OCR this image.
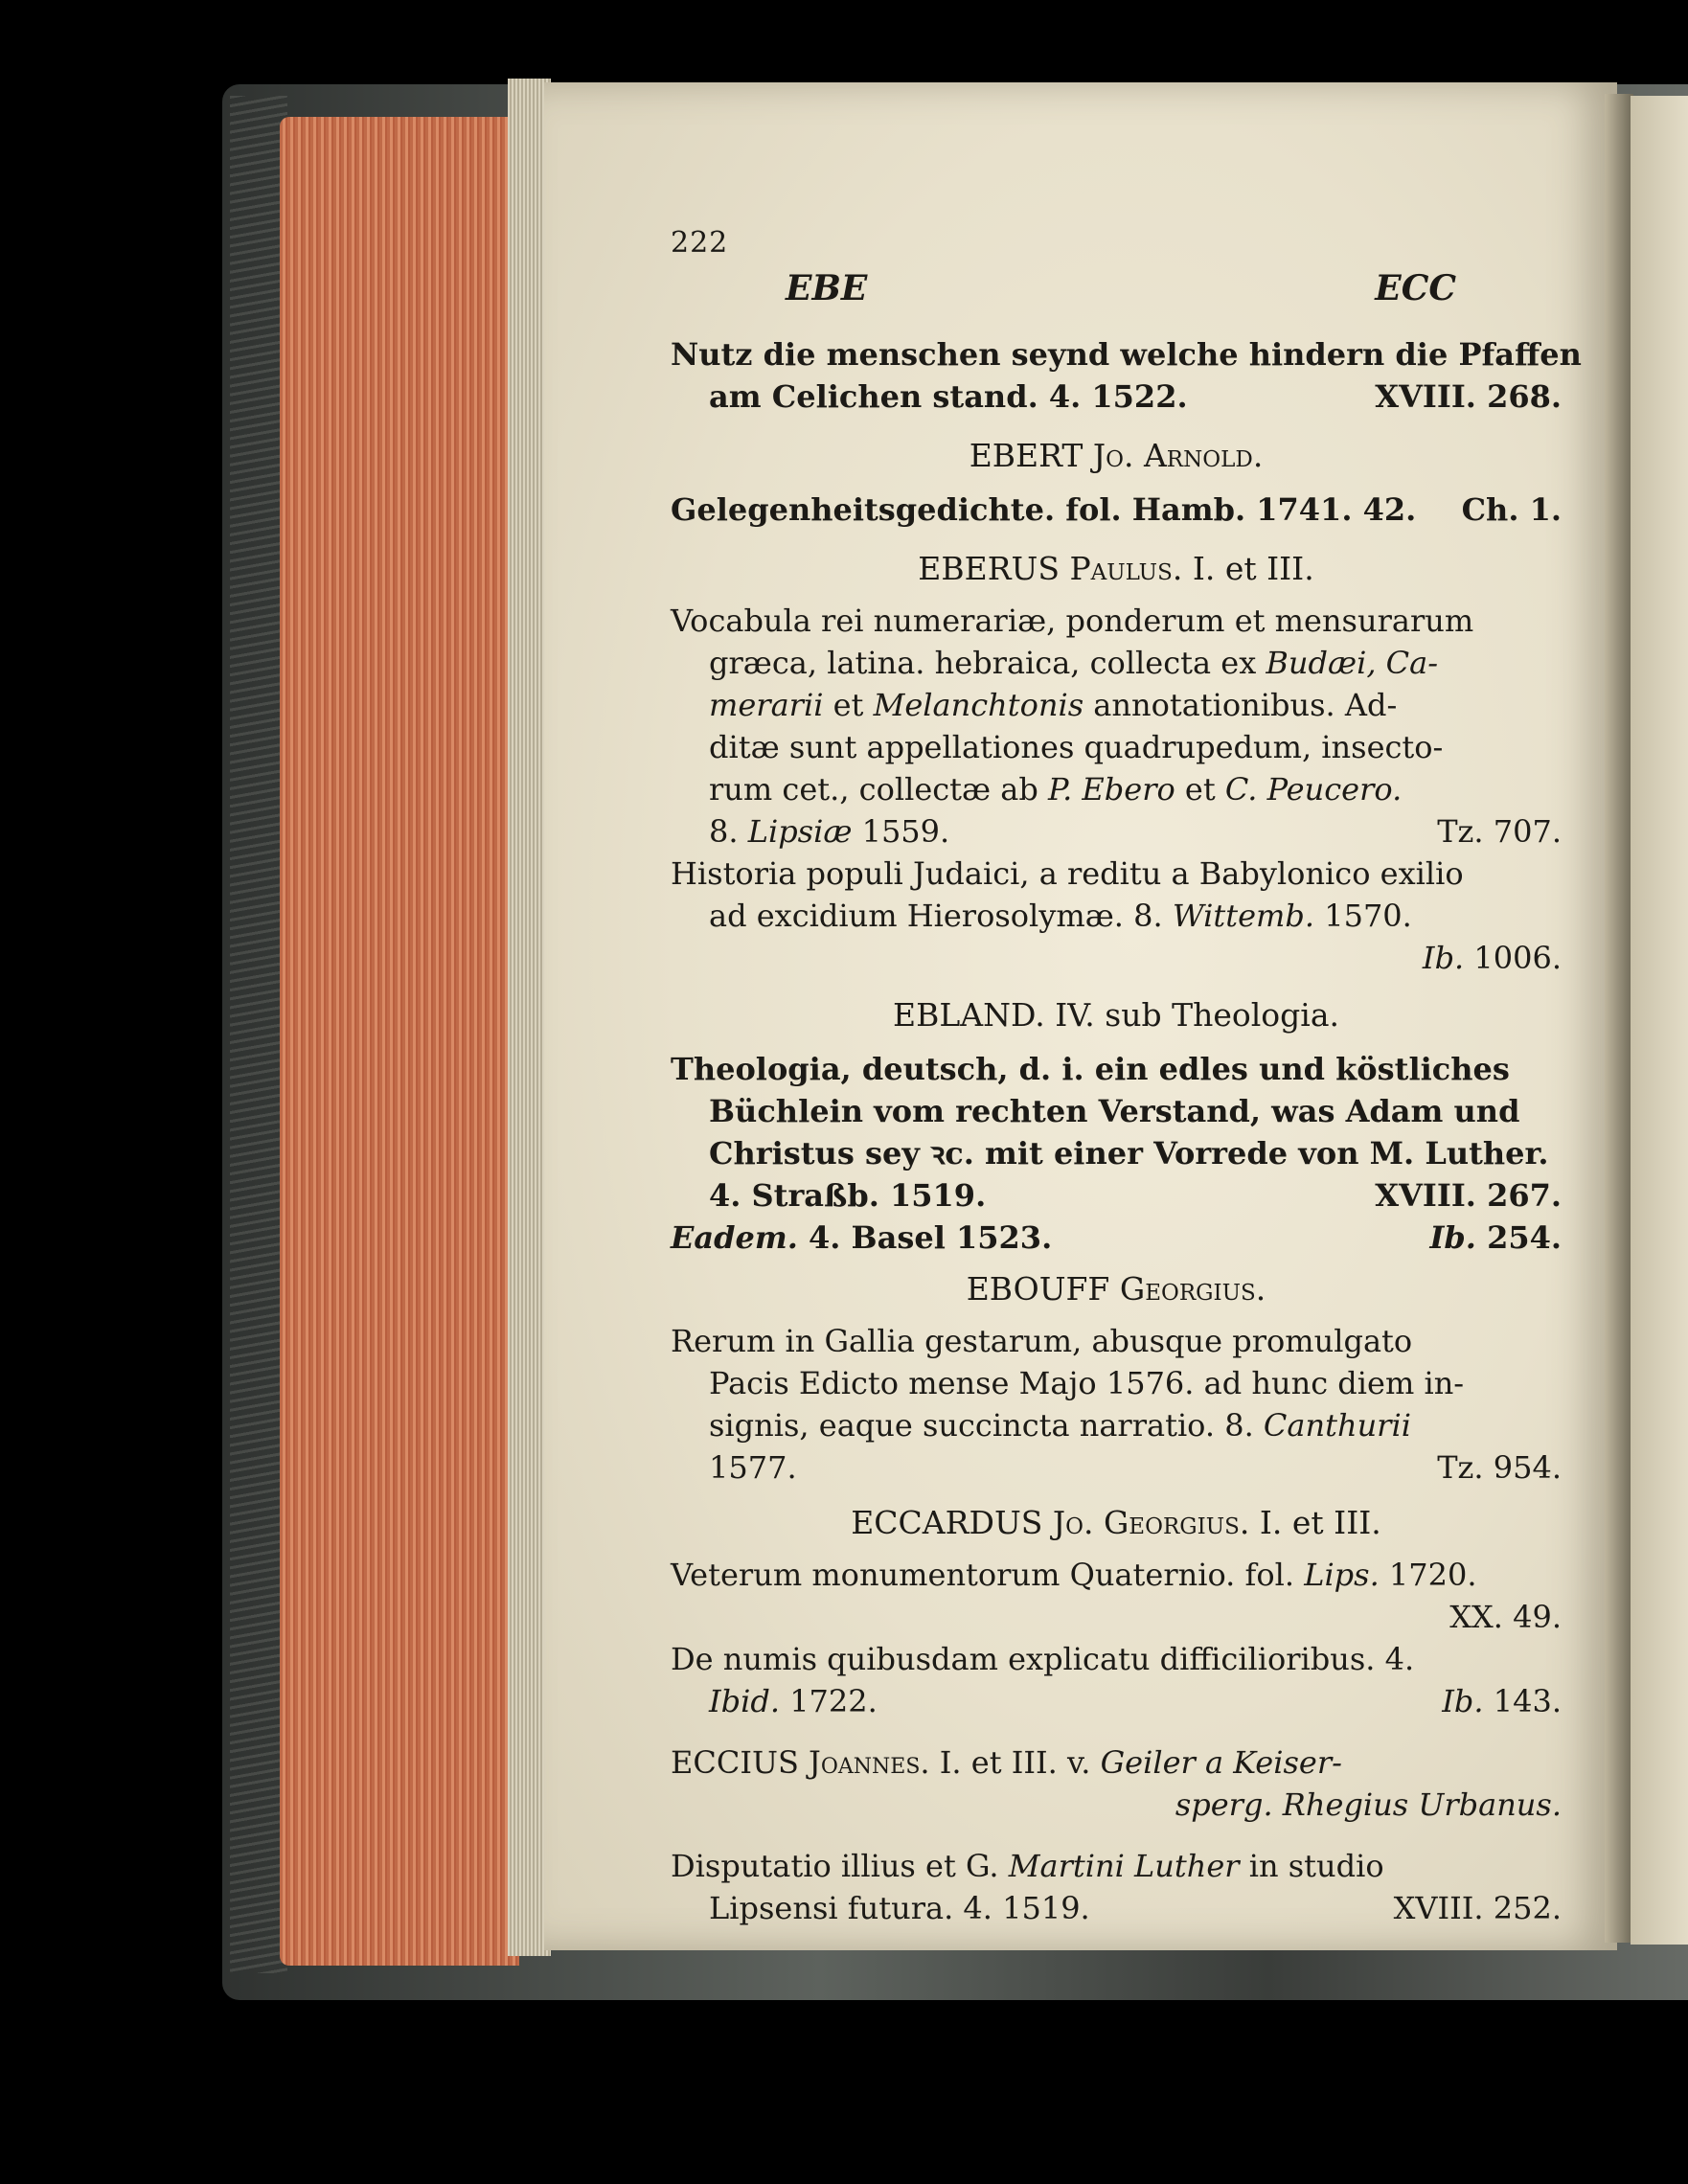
222
EBE	ECC
Nutz die menschen seynd welche hindern die Pfaffen
am Celichen stand. 4. 1522.	XVIII. 268.
EBERT Jo. Arnold.
Gelegenheitsgedichte. fol. Hamb. 1741. 42. Ch. 1.
EBERUS Paulus. I. et III.
Vocabula rei numerariæ, ponderum et mensurarum
græca, latina. hebraica, collecta ex Budæi, Ca-
merarii et Melanchtonis annotationibus. Ad-
ditæ sunt appellationes quadrupedum, insecto-
rum cet., collectæ ab P. Ebero et C. Peucero.
8. Lipsiæ 1559.	Tz. 707.
Historia populi Judaici, a reditu a Babylonico exilio
ad excidium Hierosolymæ. 8. Wittemb. 1570.
Ib. 1006.
EBLAND. IV. sub Theologia.
Theologia, deutsch, d. i. ein edles und köstliches
Büchlein vom rechten Verstand, was Adam und
Christus sey ꝛc. mit einer Vorrede von M. Luther.
4. Straßb. 1519.	XVIII. 267.
Eadem. 4. Basel 1523.	Ib. 254.
EBOUFF Georgius.
Rerum in Gallia gestarum, abusque promulgato
Pacis Edicto mense Majo 1576. ad hunc diem in-
signis, eaque succincta narratio. 8. Canthurii
1577.	Tz. 954.
ECCARDUS Jo. Georgius. I. et III.
Veterum monumentorum Quaternio. fol. Lips. 1720.
XX. 49.
De numis quibusdam explicatu difficilioribus. 4.
Ibid. 1722.	Ib. 143.
ECCIUS Joannes. I. et III. v. Geiler a Keiser-
sperg. Rhegius Urbanus.
Disputatio illius et G. Martini Luther in studio
Lipsensi futura. 4. 1519.	XVIII. 252.
